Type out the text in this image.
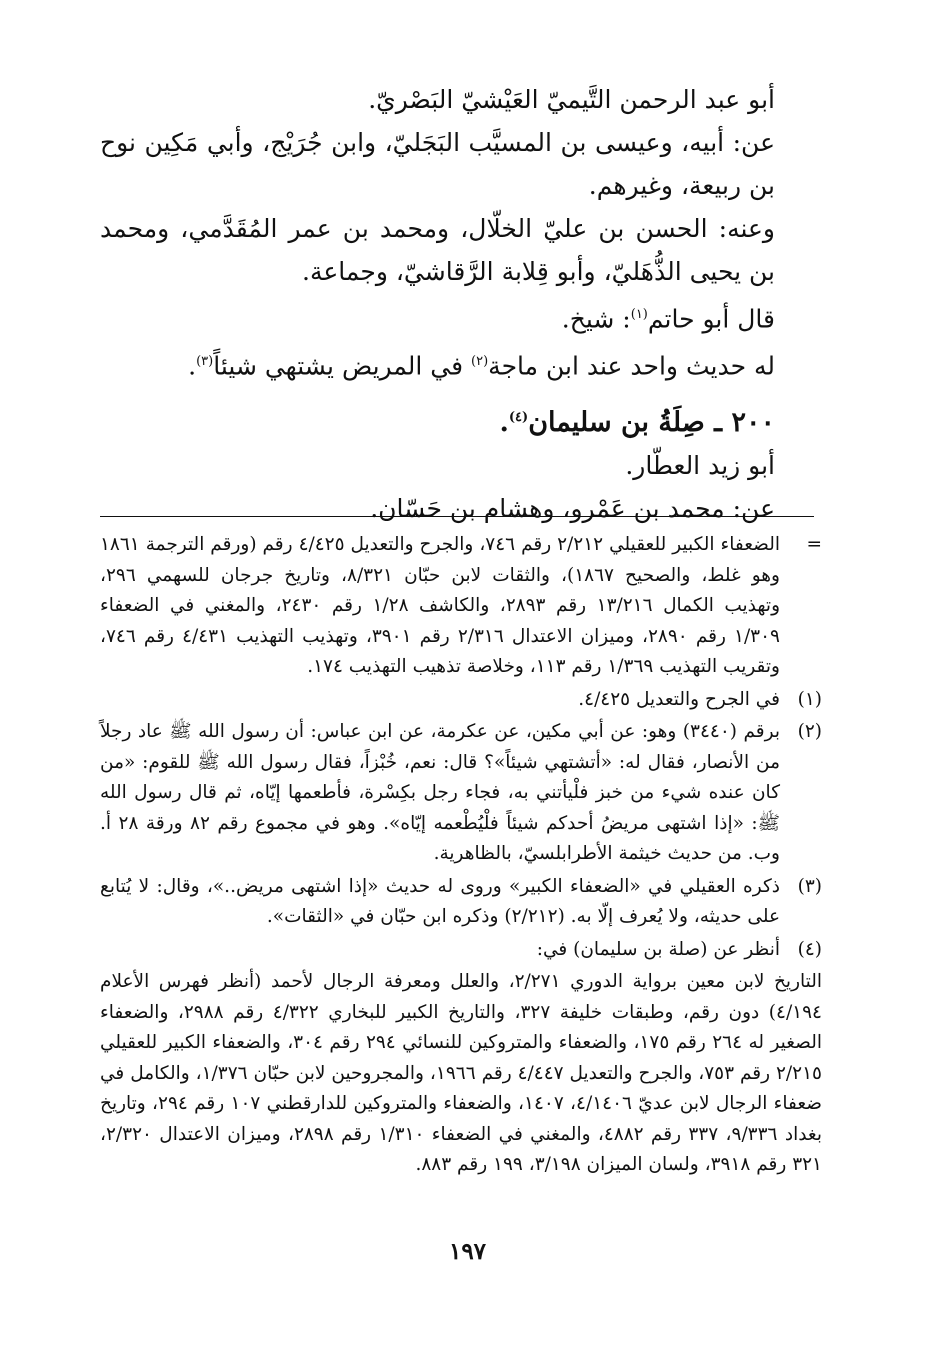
أبو عبد الرحمن التَّيميّ العَيْشيّ البَصْريّ.

عن: أبيه، وعيسى بن المسيَّب البَجَليّ، وابن جُرَيْج، وأبي مَكِين نوح بن ربيعة، وغيرهم.

وعنه: الحسن بن عليّ الخلّال، ومحمد بن عمر المُقَدَّمي، ومحمد بن يحيى الذُّهَليّ، وأبو قِلابة الرَّقاشيّ، وجماعة.

قال أبو حاتم$^{(١)}$: شيخ.

له حديث واحد عند ابن ماجة$^{(٢)}$ في المريض يشتهي شيئاً$^{(٣)}$.

٢٠٠ ـ صِلَةُ بن سليمان$^{(٤)}$.

أبو زيد العطّار.

عن: محمد بن عَمْرو، وهشام بن حَسّان.

=
الضعفاء الكبير للعقيلي ٢/٢١٢ رقم ٧٤٦، والجرح والتعديل ٤/٤٢٥ رقم (ورقم الترجمة ١٨٦١ وهو غلط، والصحيح ١٨٦٧)، والثقات لابن حبّان ٨/٣٢١، وتاريخ جرجان للسهمي ٢٩٦، وتهذيب الكمال ١٣/٢١٦ رقم ٢٨٩٣، والكاشف ١/٢٨ رقم ٢٤٣٠، والمغني في الضعفاء ١/٣٠٩ رقم ٢٨٩٠، وميزان الاعتدال ٢/٣١٦ رقم ٣٩٠١، وتهذيب التهذيب ٤/٤٣١ رقم ٧٤٦، وتقريب التهذيب ١/٣٦٩ رقم ١١٣، وخلاصة تذهيب التهذيب ١٧٤.
(١)
في الجرح والتعديل ٤/٤٢٥.
(٢)
برقم (٣٤٤٠) وهو: عن أبي مكين، عن عكرمة، عن ابن عباس: أن رسول الله ﷺ عاد رجلاً من الأنصار، فقال له: «أتشتهي شيئاً»؟ قال: نعم، خُبْزاً، فقال رسول الله ﷺ للقوم: «من كان عنده شيء من خبز فلْيأتني به، فجاء رجل بكِسْرة، فأطعمها إيّاه، ثم قال رسول الله ﷺ: «إذا اشتهى مريضُ أحدكم شيئاً فلْيُطْعمه إيّاه». وهو في مجموع رقم ٨٢ ورقة ٢٨ أ. وب. من حديث خيثمة الأطرابلسيّ، بالظاهرية.
(٣)
ذكره العقيلي في «الضعفاء الكبير» وروى له حديث «إذا اشتهى مريض..»، وقال: لا يُتابع على حديثه، ولا يُعرف إلّا به. (٢/٢١٢) وذكره ابن حبّان في «الثقات».
(٤)
أنظر عن (صلة بن سليمان) في:
التاريخ لابن معين برواية الدوري ٢/٢٧١، والعلل ومعرفة الرجال لأحمد (أنظر فهرس الأعلام ٤/١٩٤) دون رقم، وطبقات خليفة ٣٢٧، والتاريخ الكبير للبخاري ٤/٣٢٢ رقم ٢٩٨٨، والضعفاء الصغير له ٢٦٤ رقم ١٧٥، والضعفاء والمتروكين للنسائي ٢٩٤ رقم ٣٠٤، والضعفاء الكبير للعقيلي ٢/٢١٥ رقم ٧٥٣، والجرح والتعديل ٤/٤٤٧ رقم ١٩٦٦، والمجروحين لابن حبّان ١/٣٧٦، والكامل في ضعفاء الرجال لابن عديّ ٤/١٤٠٦، ١٤٠٧، والضعفاء والمتروكين للدارقطني ١٠٧ رقم ٢٩٤، وتاريخ بغداد ٩/٣٣٦، ٣٣٧ رقم ٤٨٨٢، والمغني في الضعفاء ١/٣١٠ رقم ٢٨٩٨، وميزان الاعتدال ٢/٣٢٠، ٣٢١ رقم ٣٩١٨، ولسان الميزان ٣/١٩٨، ١٩٩ رقم ٨٨٣.
١٩٧
